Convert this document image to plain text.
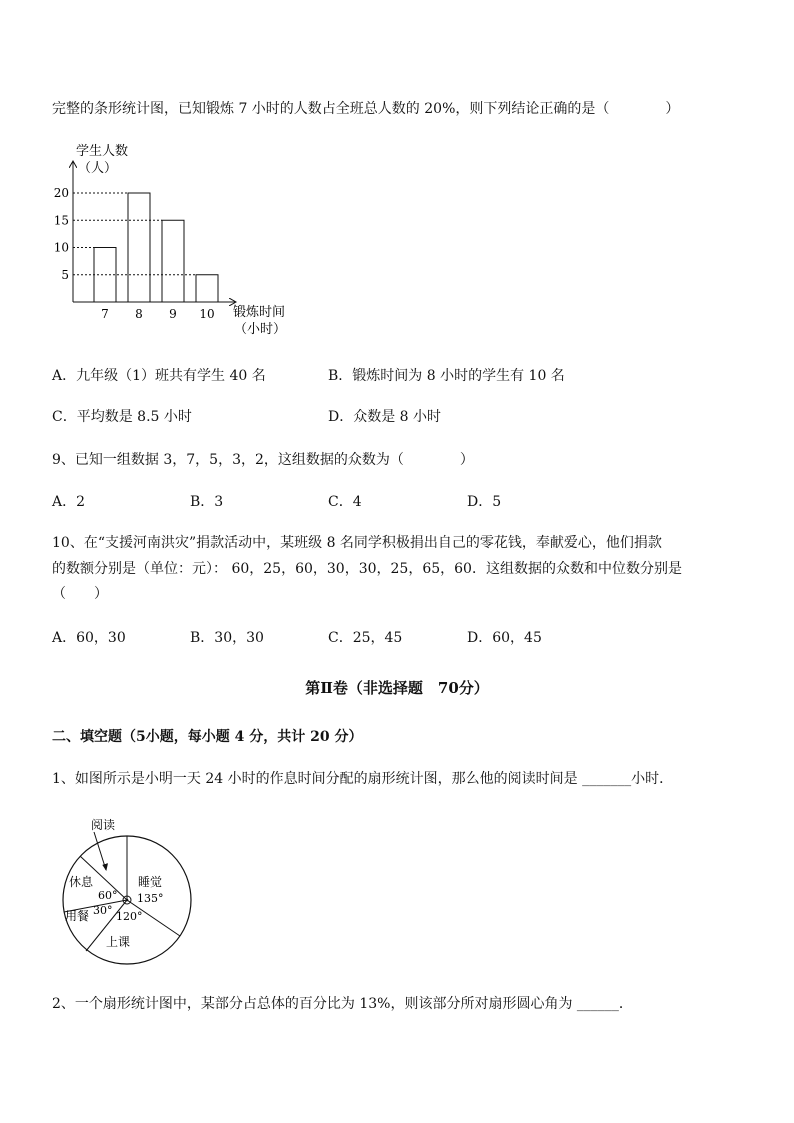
完整的条形统计图，已知锻炼 7 小时的人数占全班总人数的 20%，则下列结论正确的是（　　　　）
学生人数
（人）
5
10
15
20
7 8 9 10 锻炼时间
（小时）
A．九年级（1）班共有学生 40 名	B．锻炼时间为 8 小时的学生有 10 名
C．平均数是 8.5 小时	D．众数是 8 小时
9、已知一组数据 3，7，5，3，2，这组数据的众数为（　　　　）
A．2	B．3	C．4	D．5
10、在“支援河南洪灾”捐款活动中，某班级 8 名同学积极捐出自己的零花钱，奉献爱心，他们捐款
的数额分别是（单位：元）： 60，25，60，30，30，25，65，60．这组数据的众数和中位数分别是
（　　）
A．60，30	B．30，30	C．25，45	D．60，45
第Ⅱ卷（非选择题　70分）
二、填空题（5小题，每小题 4 分，共计 20 分）
1、如图所示是小明一天 24 小时的作息时间分配的扇形统计图，那么他的阅读时间是 _______小时．
阅读
休息
60°
睡觉
135°
用餐 30° 120°
上课
2、一个扇形统计图中，某部分占总体的百分比为 13%，则该部分所对扇形圆心角为 ______．
